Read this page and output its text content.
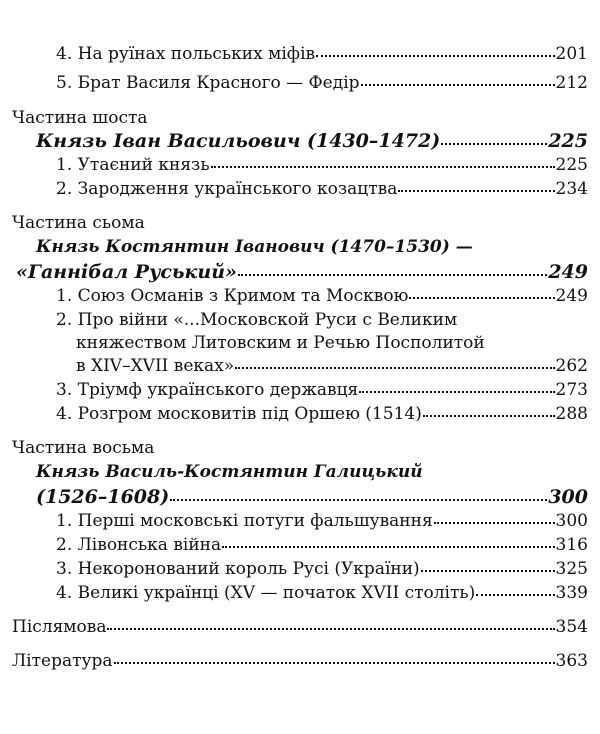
4. На руїнах польських міфів	201
5. Брат Василя Красного — Федір	212
Частина шоста
Князь Іван Васильович (1430–1472)	225
1. Утаєний князь	225
2. Зародження українського козацтва	234
Частина сьома
Князь Костянтин Іванович (1470–1530) —
«Ганнібал Руський»	249
1. Союз Османів з Кримом та Москвою	249
2. Про війни «...Московской Руси с Великим
княжеством Литовским и Речью Посполитой
в XIV–XVII веках»	262
3. Тріумф українського державця	273
4. Розгром московитів під Оршею (1514)	288
Частина восьма
Князь Василь-Костянтин Галицький
(1526–1608)	300
1. Перші московські потуги фальшування	300
2. Лівонська війна	316
3. Некоронований король Русі (України)	325
4. Великі українці (XV — початок XVII століть)	339
Післямова	354
Література	363
